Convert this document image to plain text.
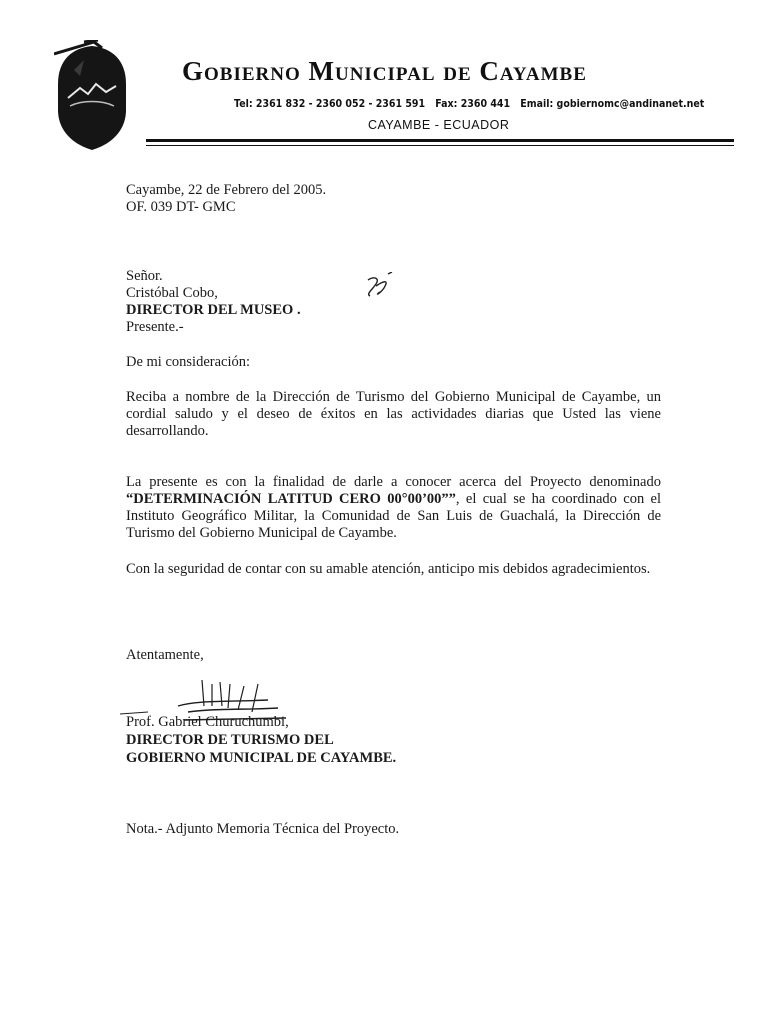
Gobierno Municipal de Cayambe
Tel: 2361 832 - 2360 052 - 2361 591 Fax: 2360 441 Email: gobiernomc@andinanet.net
CAYAMBE - ECUADOR
Cayambe, 22 de Febrero del 2005.
OF. 039 DT- GMC
Señor.
Cristóbal Cobo,
DIRECTOR DEL MUSEO .
Presente.-
De mi consideración:
Reciba a nombre de la Dirección de Turismo del Gobierno Municipal de Cayambe, un cordial saludo y el deseo de éxitos en las actividades diarias que Usted las viene desarrollando.
La presente es con la finalidad de darle a conocer acerca del Proyecto denominado “DETERMINACIÓN LATITUD CERO 00°00’00””, el cual se ha coordinado con el Instituto Geográfico Militar, la Comunidad de San Luis de Guachalá, la Dirección de Turismo del Gobierno Municipal de Cayambe.
Con la seguridad de contar con su amable atención, anticipo mis debidos agradecimientos.
Atentamente,
Prof. Gabriel Churuchumbi,
DIRECTOR DE TURISMO DEL
GOBIERNO MUNICIPAL DE CAYAMBE.
Nota.- Adjunto Memoria Técnica del Proyecto.
